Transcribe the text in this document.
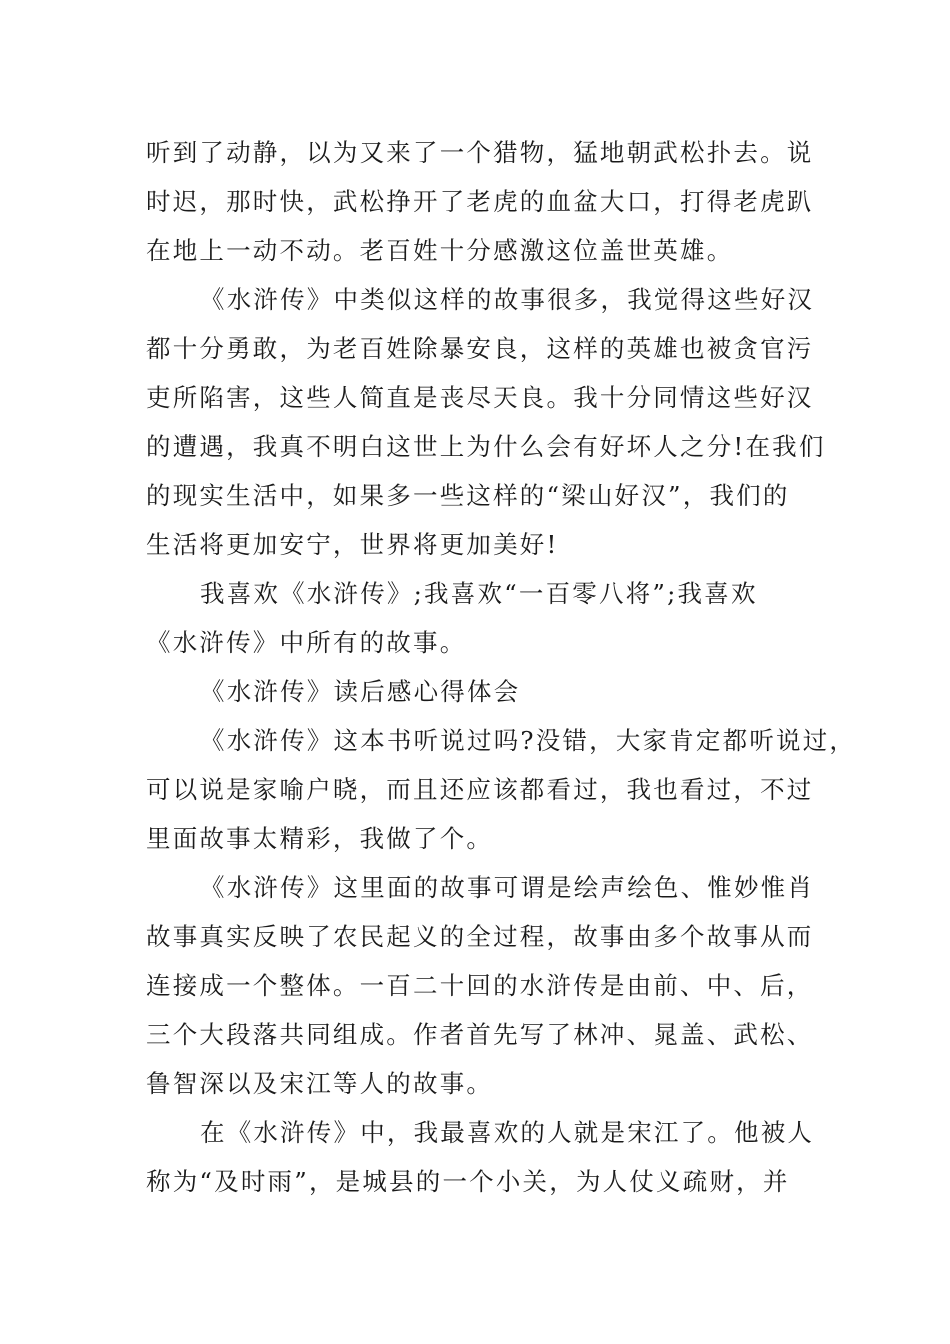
听到了动静，以为又来了一个猎物，猛地朝武松扑去。说
时迟，那时快，武松挣开了老虎的血盆大口，打得老虎趴
在地上一动不动。老百姓十分感激这位盖世英雄。
《水浒传》中类似这样的故事很多，我觉得这些好汉
都十分勇敢，为老百姓除暴安良，这样的英雄也被贪官污
吏所陷害，这些人简直是丧尽天良。我十分同情这些好汉
的遭遇，我真不明白这世上为什么会有好坏人之分!在我们
的现实生活中，如果多一些这样的“梁山好汉”，我们的
生活将更加安宁，世界将更加美好!
我喜欢《水浒传》;我喜欢“一百零八将”;我喜欢
《水浒传》中所有的故事。
《水浒传》读后感心得体会
《水浒传》这本书听说过吗?没错，大家肯定都听说过，
可以说是家喻户晓，而且还应该都看过，我也看过，不过
里面故事太精彩，我做了个。
《水浒传》这里面的故事可谓是绘声绘色、惟妙惟肖
故事真实反映了农民起义的全过程，故事由多个故事从而
连接成一个整体。一百二十回的水浒传是由前、中、后，
三个大段落共同组成。作者首先写了林冲、晁盖、武松、
鲁智深以及宋江等人的故事。
在《水浒传》中，我最喜欢的人就是宋江了。他被人
称为“及时雨”，是城县的一个小关，为人仗义疏财，并
